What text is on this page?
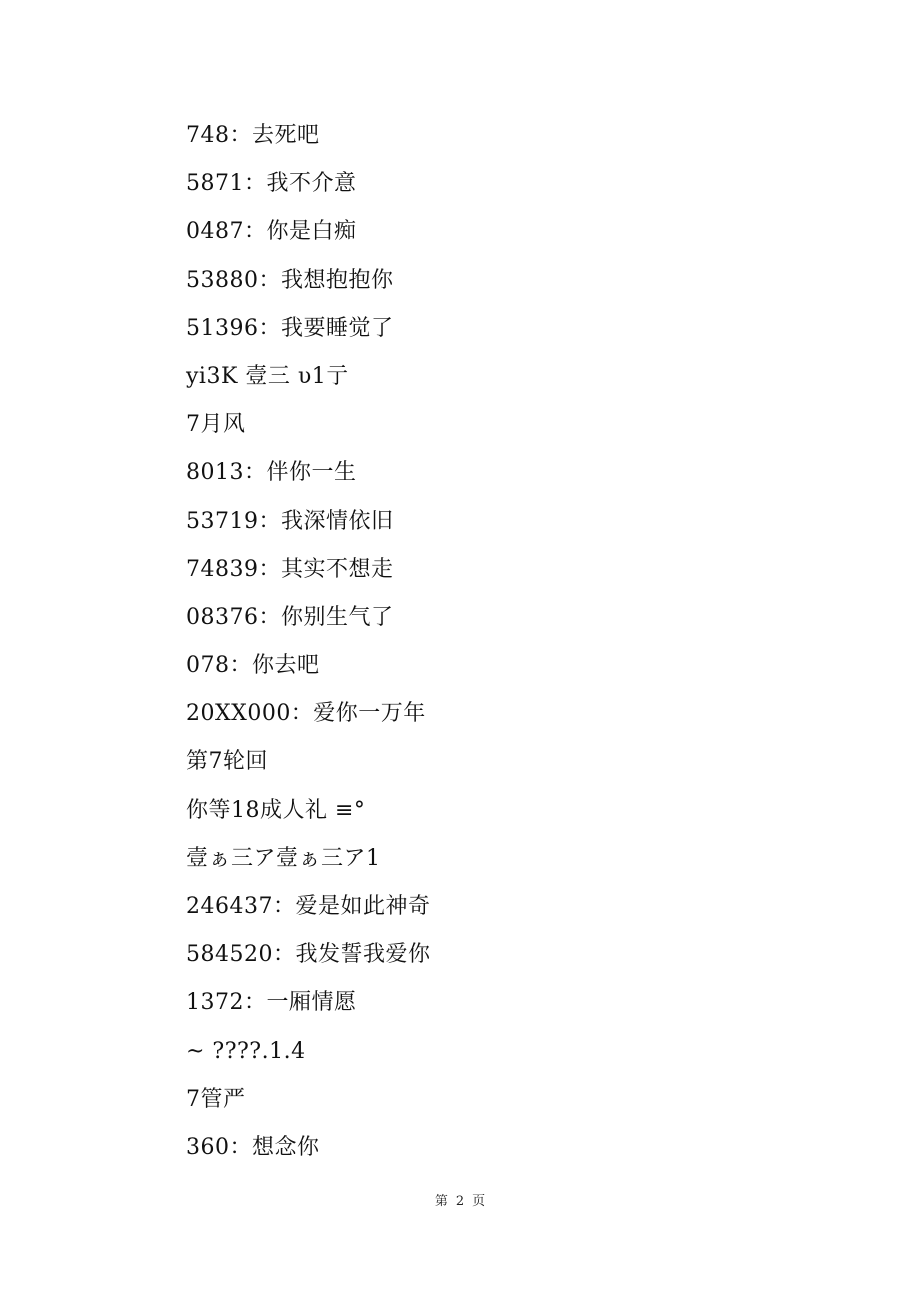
748：去死吧
5871：我不介意
0487：你是白痴
53880：我想抱抱你
51396：我要睡觉了
yi3Κ 壹三 υ1亍
7月风
8013：伴你一生
53719：我深情依旧
74839：其实不想走
08376：你别生气了
078：你去吧
20XX000：爱你一万年
第7轮回
你等18成人礼 ≡°
壹ぁ三ア壹ぁ三ア1
246437：爱是如此神奇
584520：我发誓我爱你
1372：一厢情愿
~ ????.1.4
7管严
360：想念你
第 2 页
